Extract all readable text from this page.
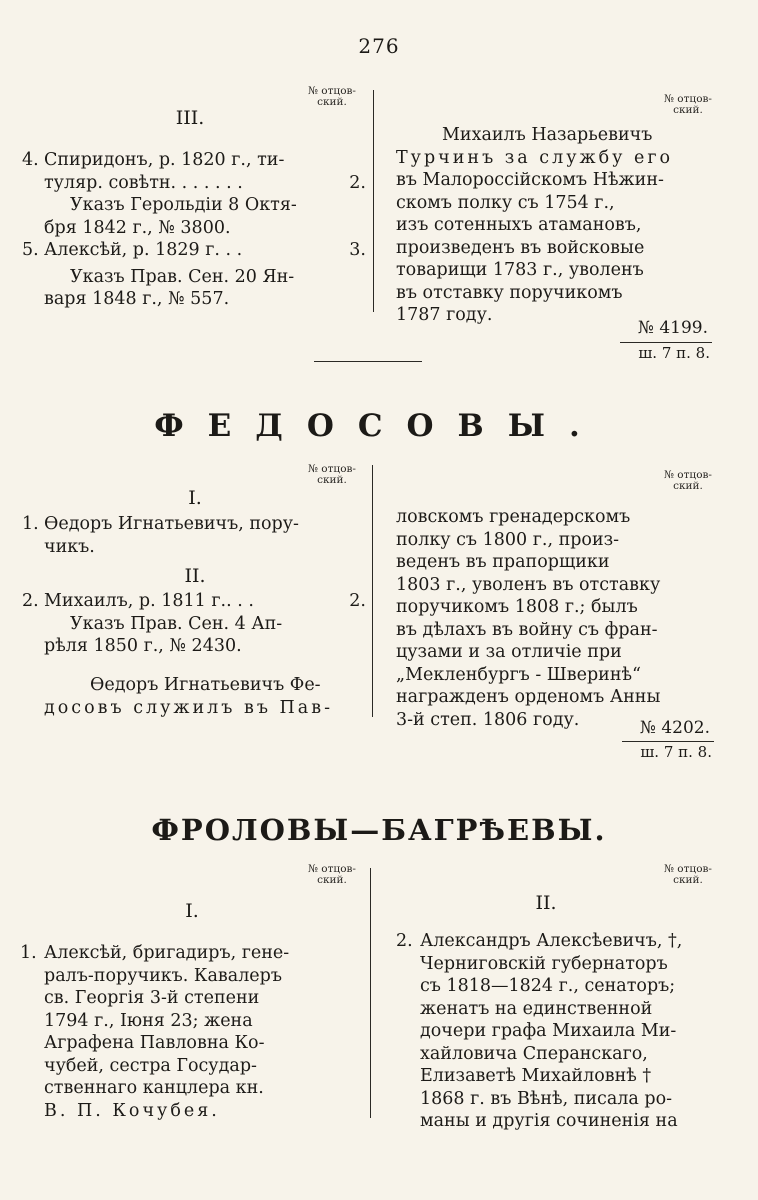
276
№ отцов-ский.	№ отцов-ский.
III.
4. Спиридонъ, р. 1820 г., ти-
туляр. совѣтн. . . . . . .	2.
Указъ Герольдіи 8 Октя-
бря 1842 г., № 3800.
5. Алексѣй, р. 1829 г. . .	3.
Указъ Прав. Сен. 20 Ян-
варя 1848 г., № 557.
Михаилъ Назарьевичъ
Турчинъ за службу его
въ Малороссійскомъ Нѣжин-
скомъ полку съ 1754 г.,
изъ сотенныхъ атамановъ,
произведенъ въ войсковые
товарищи 1783 г., уволенъ
въ отставку поручикомъ
1787 году.
№ 4199.
ш. 7 п. 8.
ФЕДОСОВЫ.
№ отцов-ский.	№ отцов-ский.
I.
1. Ѳедоръ Игнатьевичъ, пору-
чикъ.
II.
2. Михаилъ, р. 1811 г.. . .	2.
Указъ Прав. Сен. 4 Ап-
рѣля 1850 г., № 2430.
Ѳедоръ Игнатьевичъ Фе-
досовъ служилъ въ Пав-
ловскомъ гренадерскомъ
полку съ 1800 г., произ-
веденъ въ прапорщики
1803 г., уволенъ въ отставку
поручикомъ 1808 г.; былъ
въ дѣлахъ въ войну съ фран-
цузами и за отличіе при
„Мекленбургъ - Шверинѣ“
награжденъ орденомъ Анны
3-й степ. 1806 году.	№ 4202.
ш. 7 п. 8.
ФРОЛОВЫ—БАГРѢЕВЫ.
№ отцов-ский.
№ отцов-ский.
I.	II.
1. Алексѣй, бригадиръ, гене-
ралъ-поручикъ. Кавалеръ
св. Георгія 3-й степени
1794 г., Іюня 23; жена
Аграфена Павловна Ко-
чубей, сестра Государ-
ственнаго канцлера кн.
В. П. Кочубея.
2. Александръ Алексѣевичъ, †,
Черниговскій губернаторъ
съ 1818—1824 г., сенаторъ;
женатъ на единственной
дочери графа Михаила Ми-
хайловича Сперанскаго,
Елизаветѣ Михайловнѣ †
1868 г. въ Вѣнѣ, писала ро-
маны и другія сочиненія на
